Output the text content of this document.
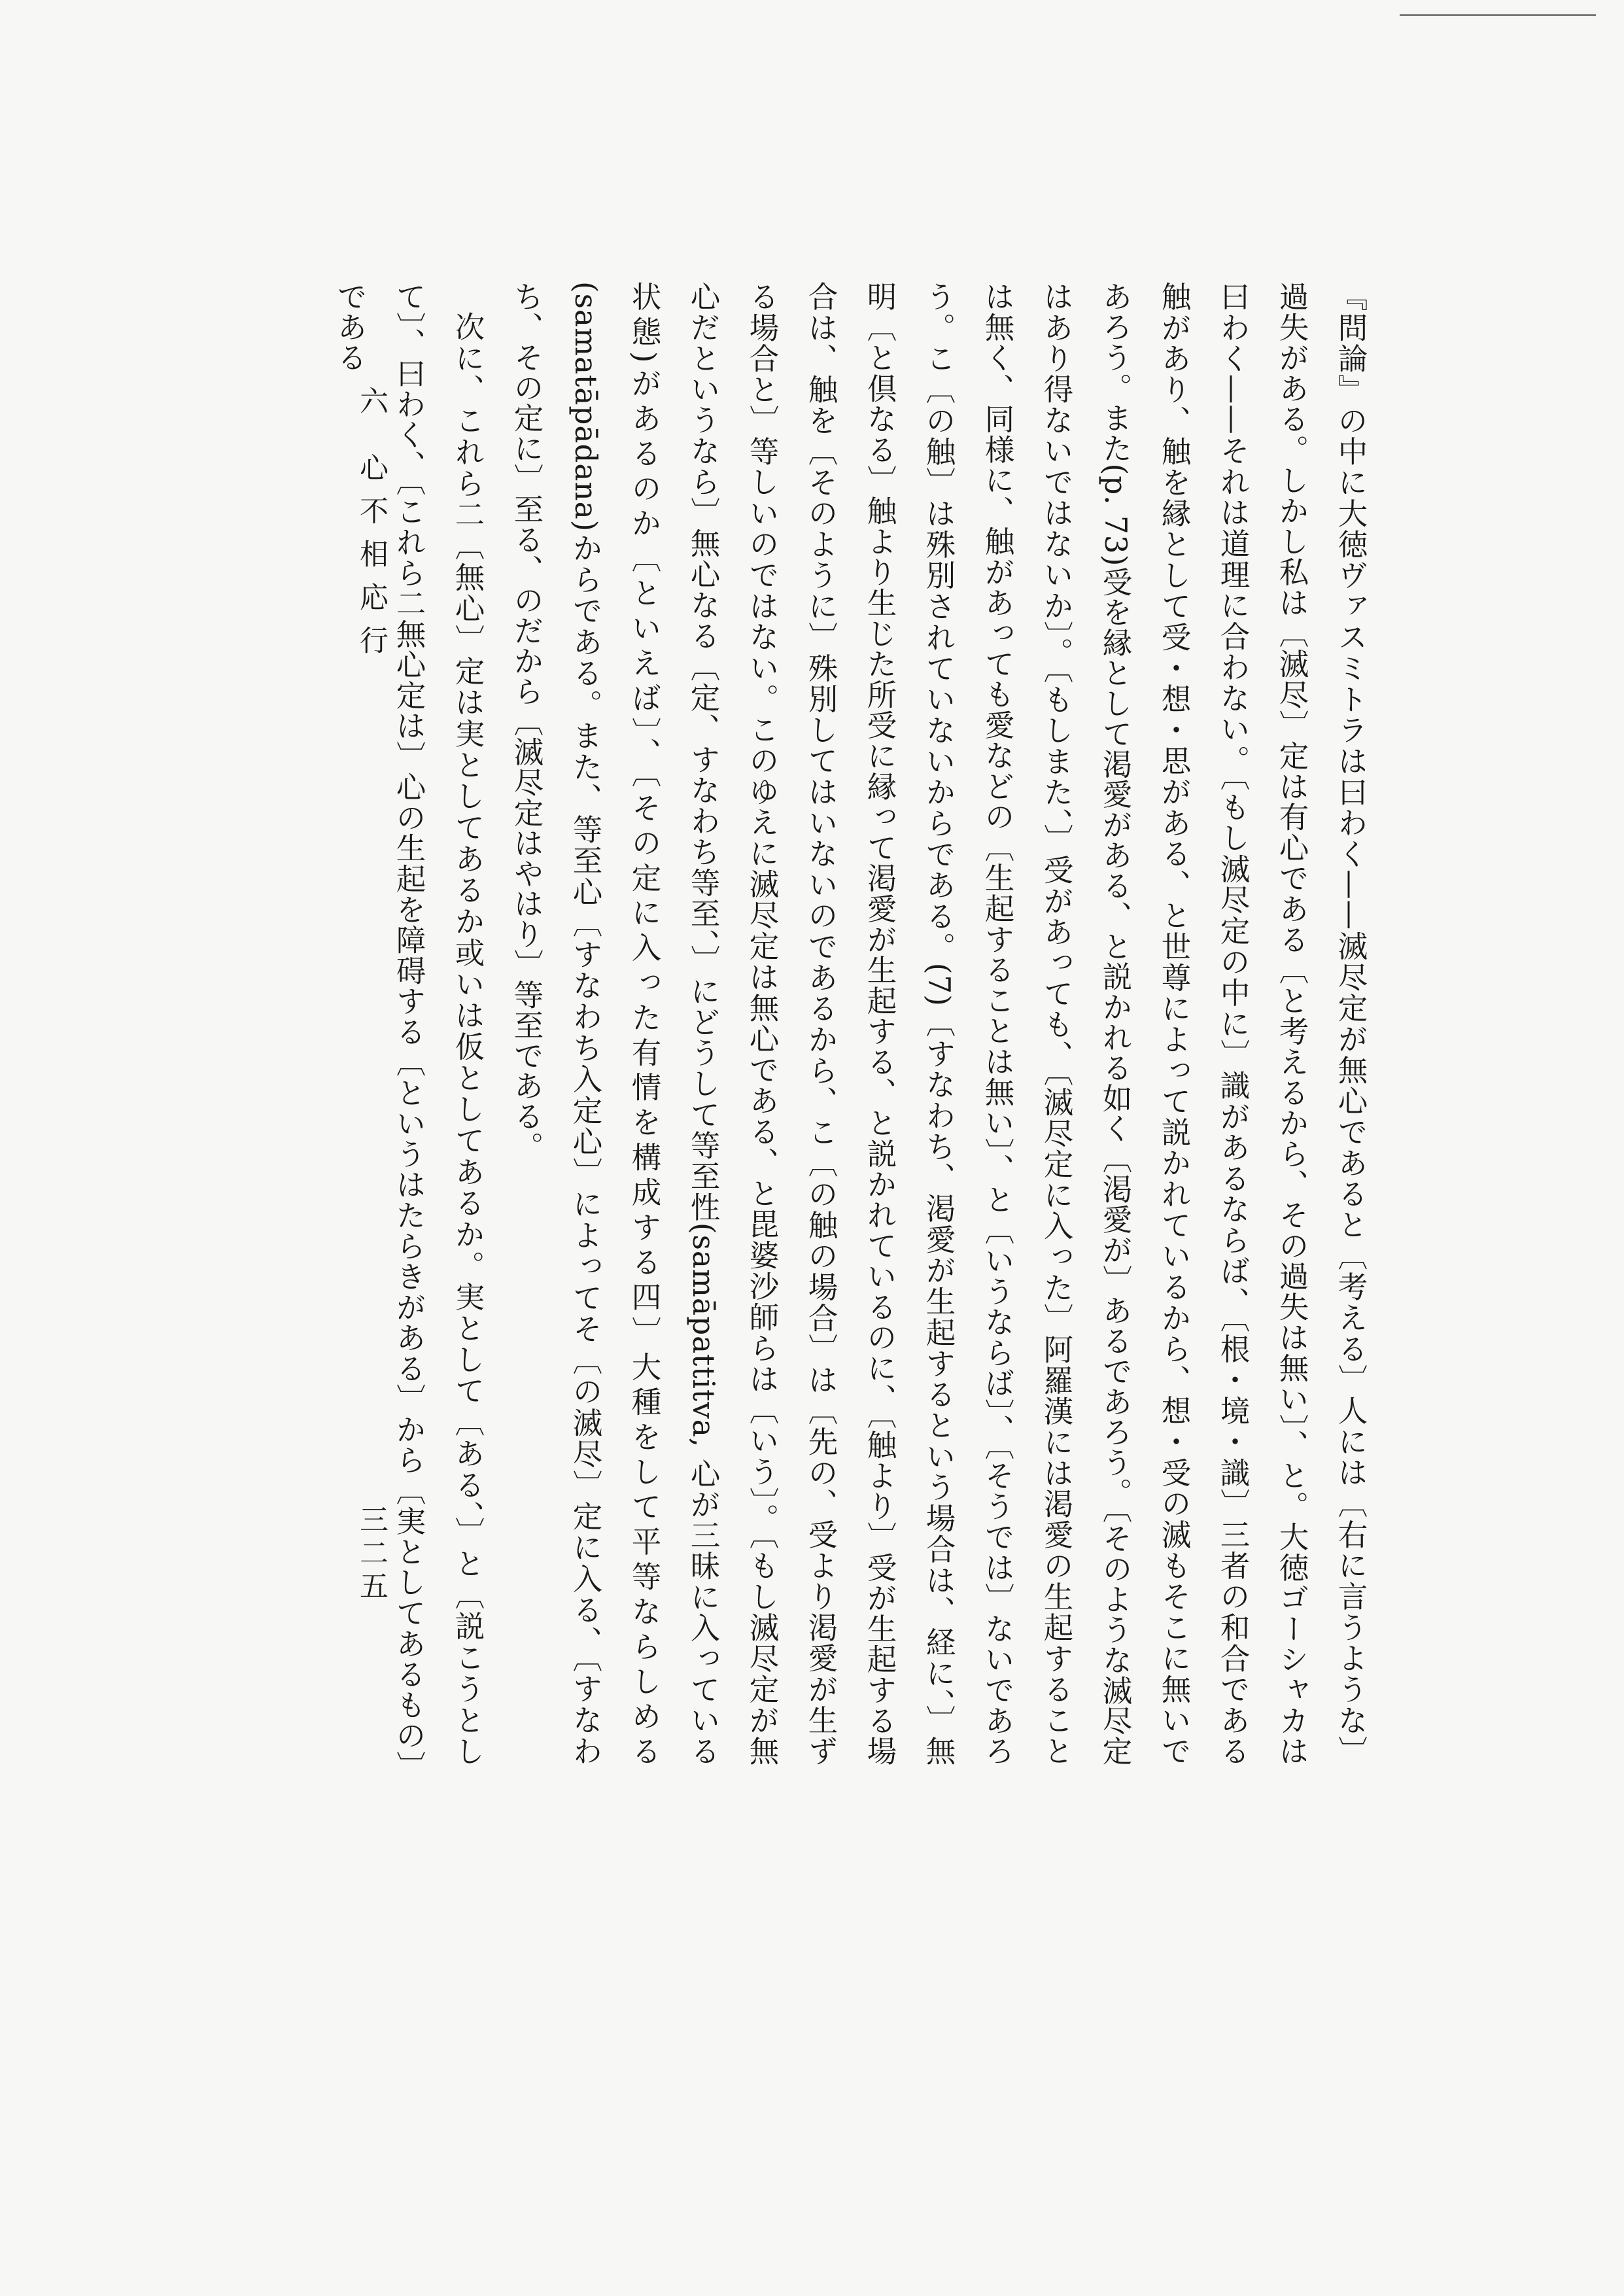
『問論』の中に大徳ヴァスミトラは曰わく——滅尽定が無心であると〔考える〕人には〔右に言うような〕過失がある。しかし私は〔滅尽〕定は有心である〔と考えるから、その過失は無い〕、と。大徳ゴーシャカは曰わく——それは道理に合わない。〔もし滅尽定の中に〕識があるならば、〔根・境・識〕三者の和合である触があり、触を縁として受・想・思がある、と世尊によって説かれているから、想・受の滅もそこに無いであろう。また(p. 73)受を縁として渇愛がある、と説かれる如く〔渇愛が〕あるであろう。〔そのような滅尽定はあり得ないではないか〕。〔もしまた、〕受があっても、〔滅尽定に入った〕阿羅漢には渇愛の生起することは無く、同様に、触があっても愛などの〔生起することは無い〕、と〔いうならば〕、〔そうでは〕ないであろう。こ〔の触〕は殊別されていないからである。(7)〔すなわち、渇愛が生起するという場合は、経に、〕無明〔と倶なる〕触より生じた所受に縁って渇愛が生起する、と説かれているのに、〔触より〕受が生起する場合は、触を〔そのように〕殊別してはいないのであるから、こ〔の触の場合〕は〔先の、受より渇愛が生ずる場合と〕等しいのではない。このゆえに滅尽定は無心である、と毘婆沙師らは〔いう〕。〔もし滅尽定が無心だというなら〕無心なる〔定、すなわち等至、〕にどうして等至性(samāpattitva, 心が三昧に入っている状態)があるのか〔といえば〕、〔その定に入った有情を構成する四〕大種をして平等ならしめる(samatāpādana)からである。また、等至心〔すなわち入定心〕によってそ〔の滅尽〕定に入る、〔すなわち、その定に〕至る、のだから〔滅尽定はやはり〕等至である。

次に、これら二〔無心〕定は実としてあるか或いは仮としてあるか。実として〔ある、〕と〔説こうとして〕、曰わく、〔これら二無心定は〕心の生起を障碍する〔というはたらきがある〕から〔実としてあるもの〕である

六 心不相応行
三二五
